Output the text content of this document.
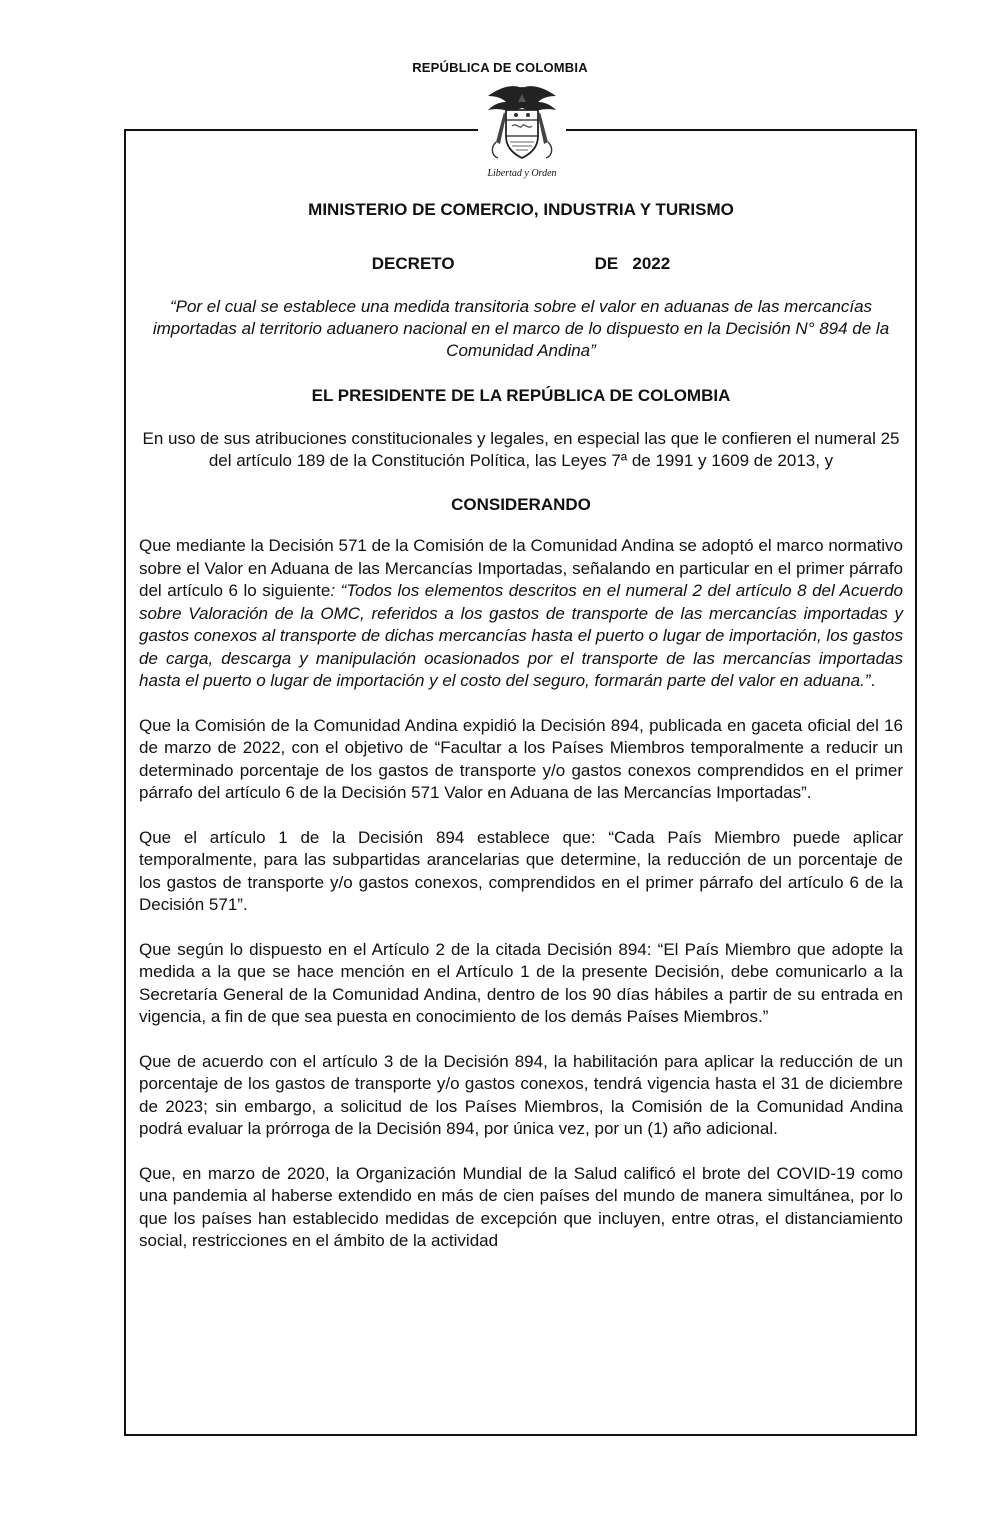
REPÚBLICA DE COLOMBIA
Libertad y Orden
MINISTERIO DE COMERCIO, INDUSTRIA Y TURISMO
DECRETO	DE   2022
“Por el cual se establece una medida transitoria sobre el valor en aduanas de las mercancías importadas al territorio aduanero nacional en el marco de lo dispuesto en la Decisión N° 894 de la Comunidad Andina”
EL PRESIDENTE DE LA REPÚBLICA DE COLOMBIA
En uso de sus atribuciones constitucionales y legales, en especial las que le confieren el numeral 25 del artículo 189 de la Constitución Política, las Leyes 7ª de 1991 y 1609 de 2013, y
CONSIDERANDO

Que mediante la Decisión 571 de la Comisión de la Comunidad Andina se adoptó el marco normativo sobre el Valor en Aduana de las Mercancías Importadas, señalando en particular en el primer párrafo del artículo 6 lo siguiente: “Todos los elementos descritos en el numeral 2 del artículo 8 del Acuerdo sobre Valoración de la OMC, referidos a los gastos de transporte de las mercancías importadas y gastos conexos al transporte de dichas mercancías hasta el puerto o lugar de importación, los gastos de carga, descarga y manipulación ocasionados por el transporte de las mercancías importadas hasta el puerto o lugar de importación y el costo del seguro, formarán parte del valor en aduana.”.

Que la Comisión de la Comunidad Andina expidió la Decisión 894, publicada en gaceta oficial del 16 de marzo de 2022, con el objetivo de “Facultar a los Países Miembros temporalmente a reducir un determinado porcentaje de los gastos de transporte y/o gastos conexos comprendidos en el primer párrafo del artículo 6 de la Decisión 571 Valor en Aduana de las Mercancías Importadas”.

Que el artículo 1 de la Decisión 894 establece que: “Cada País Miembro puede aplicar temporalmente, para las subpartidas arancelarias que determine, la reducción de un porcentaje de los gastos de transporte y/o gastos conexos, comprendidos en el primer párrafo del artículo 6 de la Decisión 571”.

Que según lo dispuesto en el Artículo 2 de la citada Decisión 894: “El País Miembro que adopte la medida a la que se hace mención en el Artículo 1 de la presente Decisión, debe comunicarlo a la Secretaría General de la Comunidad Andina, dentro de los 90 días hábiles a partir de su entrada en vigencia, a fin de que sea puesta en conocimiento de los demás Países Miembros.”

Que de acuerdo con el artículo 3 de la Decisión 894, la habilitación para aplicar la reducción de un porcentaje de los gastos de transporte y/o gastos conexos, tendrá vigencia hasta el 31 de diciembre de 2023; sin embargo, a solicitud de los Países Miembros, la Comisión de la Comunidad Andina podrá evaluar la prórroga de la Decisión 894, por única vez, por un (1) año adicional.

Que, en marzo de 2020, la Organización Mundial de la Salud calificó el brote del COVID-19 como una pandemia al haberse extendido en más de cien países del mundo de manera simultánea, por lo que los países han establecido medidas de excepción que incluyen, entre otras, el distanciamiento social, restricciones en el ámbito de la actividad
